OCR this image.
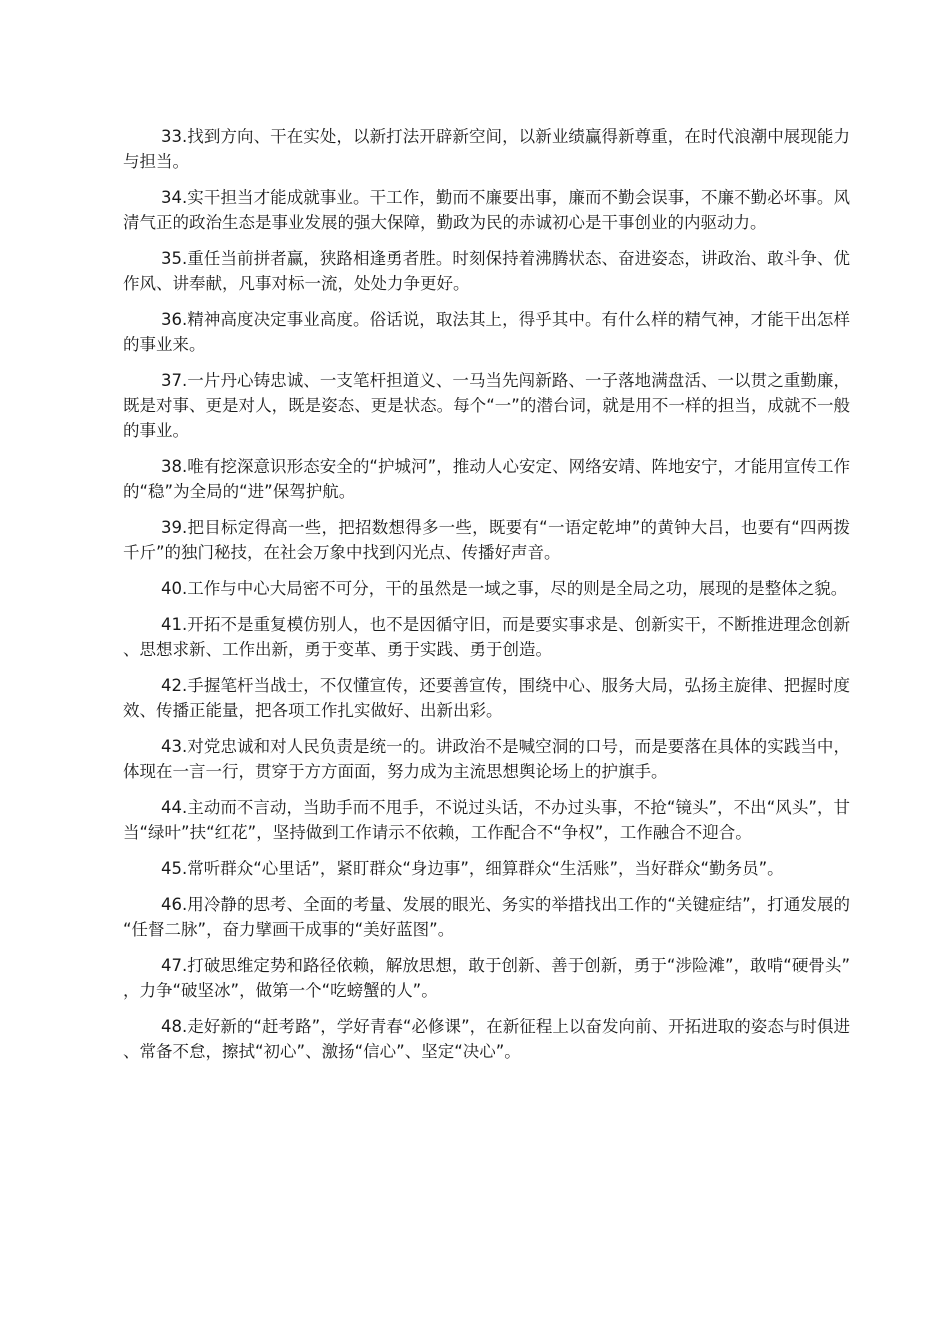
33.找到方向、干在实处，以新打法开辟新空间，以新业绩赢得新尊重，在时代浪潮中展现能力与担当。

34.实干担当才能成就事业。干工作，勤而不廉要出事，廉而不勤会误事，不廉不勤必坏事。风清气正的政治生态是事业发展的强大保障，勤政为民的赤诚初心是干事创业的内驱动力。

35.重任当前拼者赢，狭路相逢勇者胜。时刻保持着沸腾状态、奋进姿态，讲政治、敢斗争、优作风、讲奉献，凡事对标一流，处处力争更好。

36.精神高度决定事业高度。俗话说，取法其上，得乎其中。有什么样的精气神，才能干出怎样的事业来。

37.一片丹心铸忠诚、一支笔杆担道义、一马当先闯新路、一子落地满盘活、一以贯之重勤廉，既是对事、更是对人，既是姿态、更是状态。每个“一”的潜台词，就是用不一样的担当，成就不一般的事业。

38.唯有挖深意识形态安全的“护城河”，推动人心安定、网络安靖、阵地安宁，才能用宣传工作的“稳”为全局的“进”保驾护航。

39.把目标定得高一些，把招数想得多一些，既要有“一语定乾坤”的黄钟大吕，也要有“四两拨千斤”的独门秘技，在社会万象中找到闪光点、传播好声音。

40.工作与中心大局密不可分，干的虽然是一域之事，尽的则是全局之功，展现的是整体之貌。

41.开拓不是重复模仿别人，也不是因循守旧，而是要实事求是、创新实干，不断推进理念创新、思想求新、工作出新，勇于变革、勇于实践、勇于创造。

42.手握笔杆当战士，不仅懂宣传，还要善宣传，围绕中心、服务大局，弘扬主旋律、把握时度效、传播正能量，把各项工作扎实做好、出新出彩。

43.对党忠诚和对人民负责是统一的。讲政治不是喊空洞的口号，而是要落在具体的实践当中，体现在一言一行，贯穿于方方面面，努力成为主流思想舆论场上的护旗手。

44.主动而不言动，当助手而不甩手，不说过头话，不办过头事，不抢“镜头”，不出“风头”，甘当“绿叶”扶“红花”，坚持做到工作请示不依赖，工作配合不“争权”，工作融合不迎合。

45.常听群众“心里话”，紧盯群众“身边事”，细算群众“生活账”，当好群众“勤务员”。

46.用冷静的思考、全面的考量、发展的眼光、务实的举措找出工作的“关键症结”，打通发展的“任督二脉”，奋力擘画干成事的“美好蓝图”。

47.打破思维定势和路径依赖，解放思想，敢于创新、善于创新，勇于“涉险滩”，敢啃“硬骨头”，力争“破坚冰”，做第一个“吃螃蟹的人”。

48.走好新的“赶考路”，学好青春“必修课”，在新征程上以奋发向前、开拓进取的姿态与时俱进、常备不怠，擦拭“初心”、激扬“信心”、坚定“决心”。
